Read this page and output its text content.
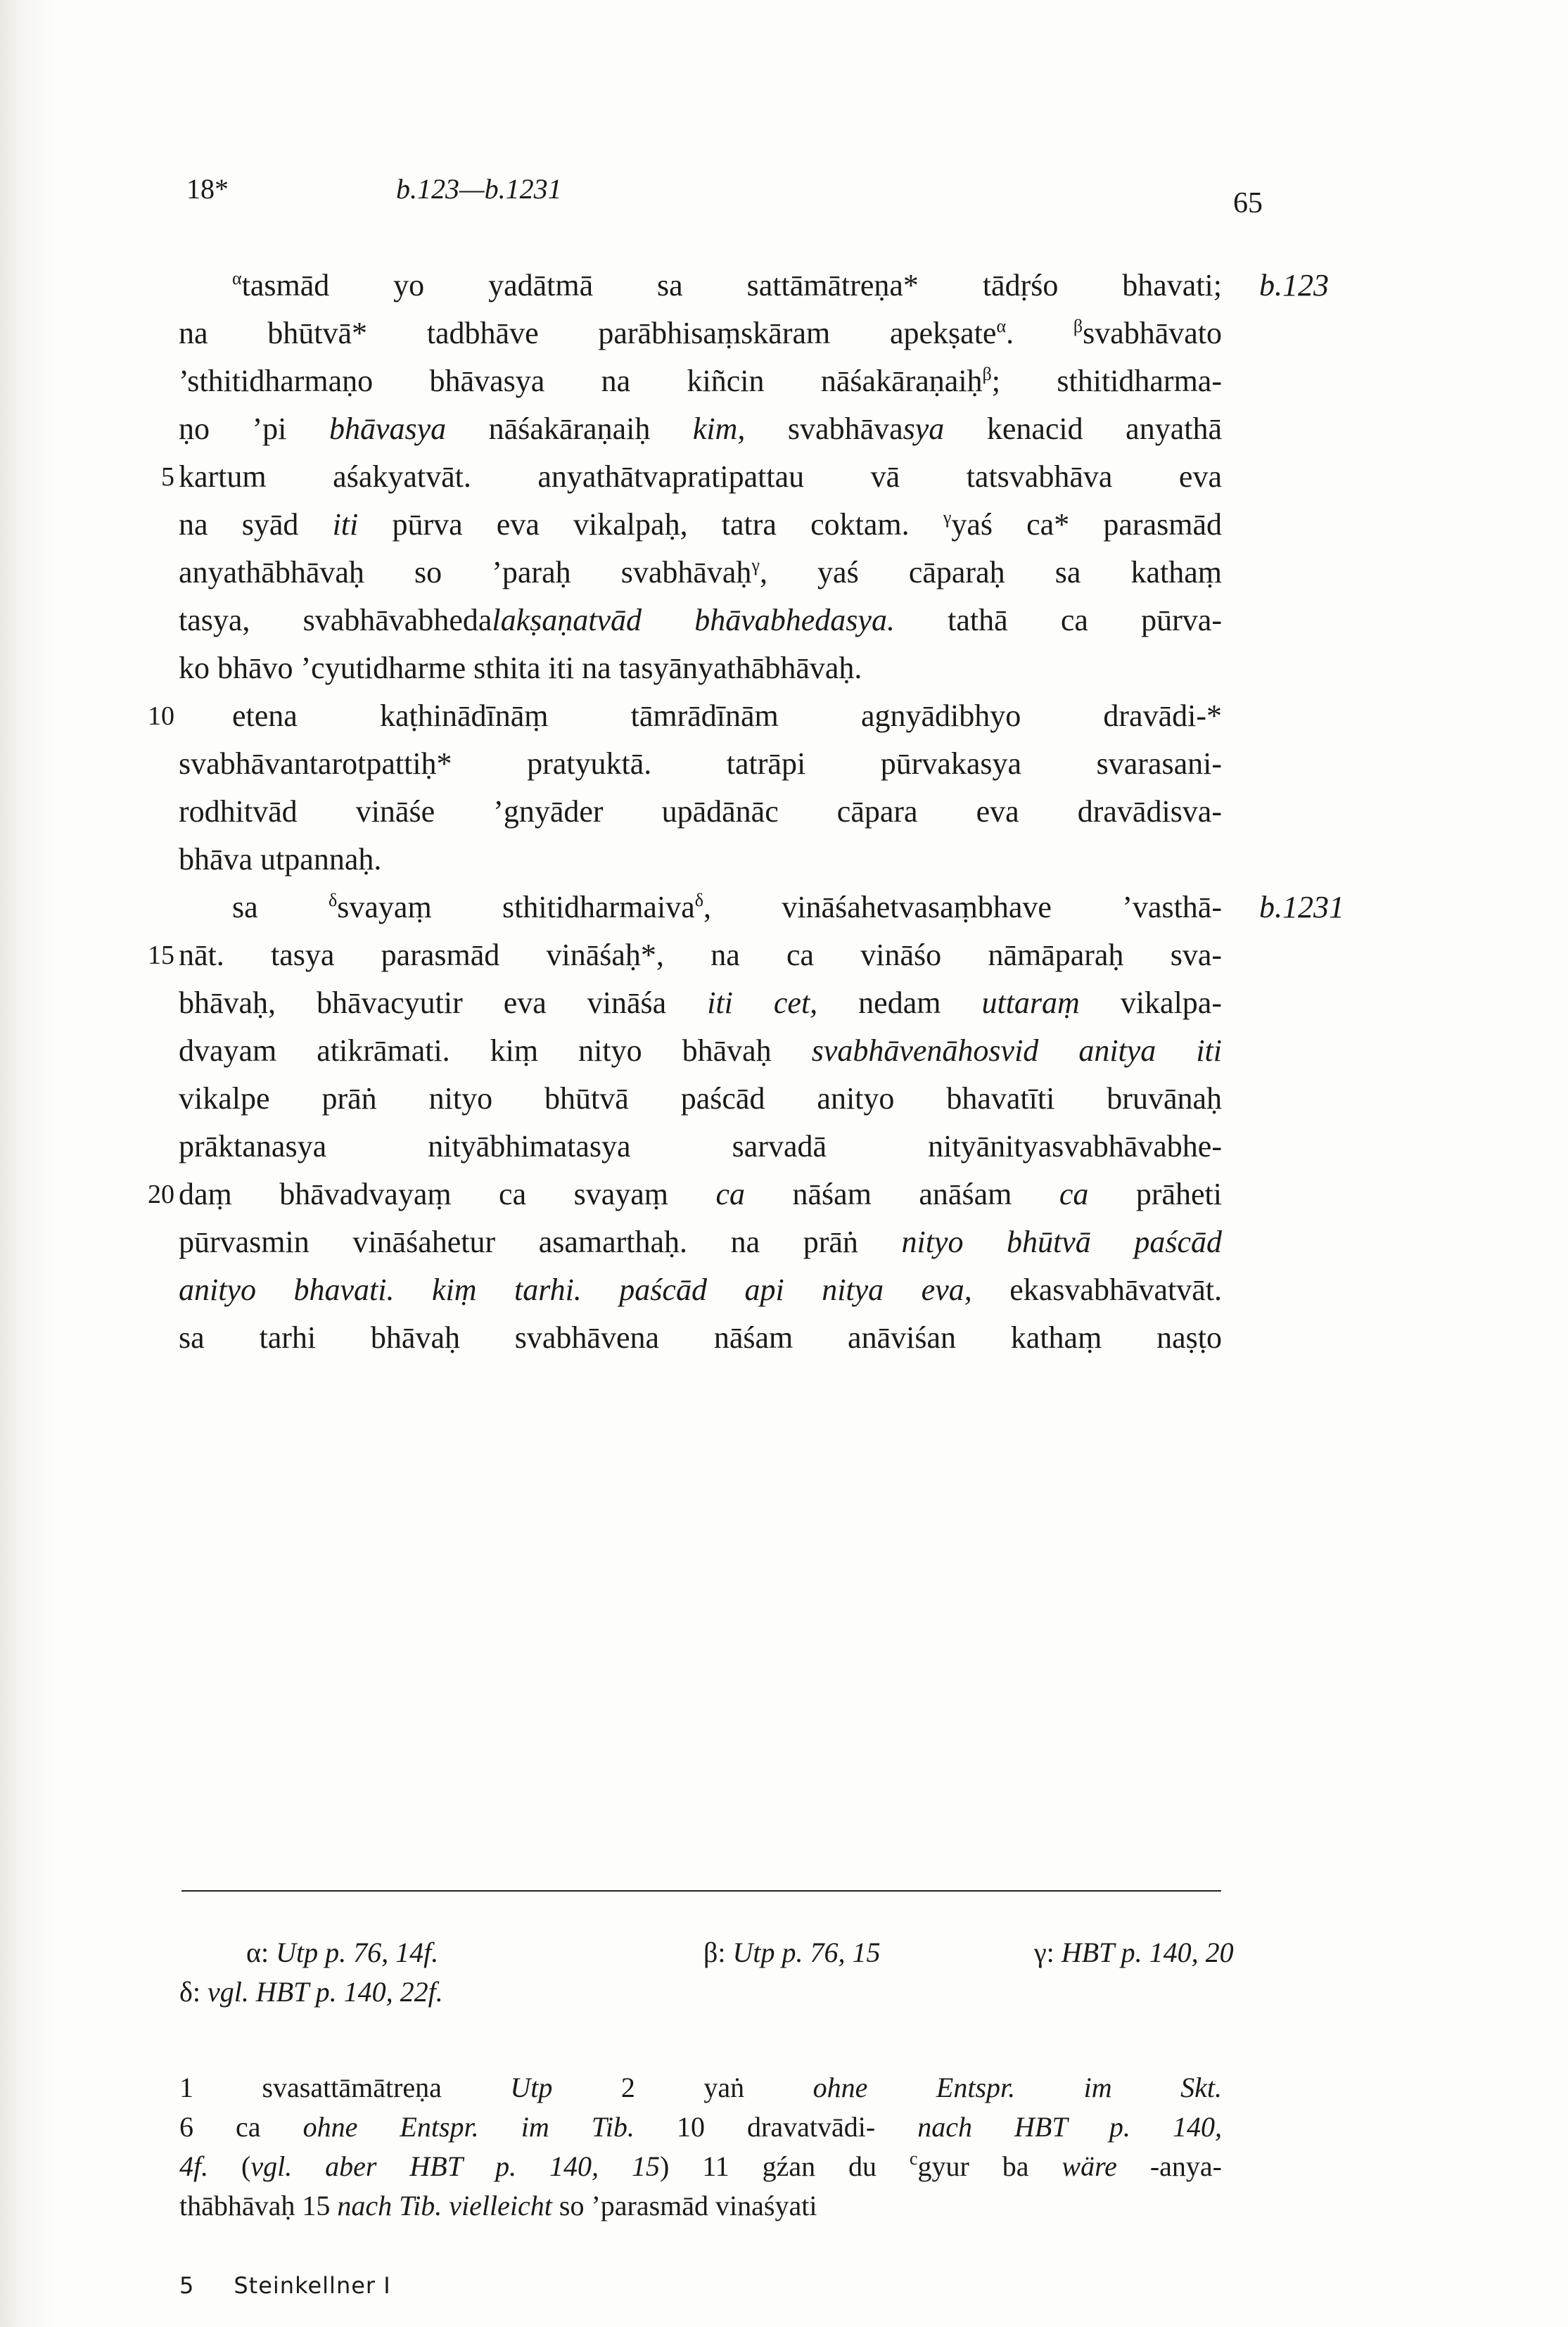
18*	b.123—b.1231	65
$^\alpha$tasmād yo yadātmā sa sattāmātreṇa* tādṛśo bhavati; b.123
na bhūtvā* tadbhāve parābhisaṃskāram apekṣate$^\alpha$. $^\beta$svabhāvato
’sthitidharmaṇo bhāvasya na kiñcin nāśakāraṇaiḥ$^\beta$; sthitidharma-
ṇo ’pi bhāvasya nāśakāraṇaiḥ kim, svabhāvasya kenacid anyathā
5 kartum aśakyatvāt. anyathātvapratipattau vā tatsvabhāva eva
na syād iti pūrva eva vikalpaḥ, tatra coktam. $^\gamma$yaś ca* parasmād
anyathābhāvaḥ so ’paraḥ svabhāvaḥ$^\gamma$, yaś cāparaḥ sa kathaṃ
tasya, svabhāvabhedalakṣaṇatvād bhāvabhedasya. tathā ca pūrva-
ko bhāvo ’cyutidharme sthita iti na tasyānyathābhāvaḥ.
10 etena kaṭhinādīnāṃ tāmrādīnām agnyādibhyo dravādi-*
svabhāvantarotpattiḥ* pratyuktā. tatrāpi pūrvakasya svarasani-
rodhitvād vināśe ’gnyāder upādānāc cāpara eva dravādisva-
bhāva utpannaḥ.
sa $^\delta$svayaṃ sthitidharmaiva$^\delta$, vināśahetvasaṃbhave ’vasthā- b.1231
15 nāt. tasya parasmād vināśaḥ*, na ca vināśo nāmāparaḥ sva-
bhāvaḥ, bhāvacyutir eva vināśa iti cet, nedam uttaraṃ vikalpa-
dvayam atikrāmati. kiṃ nityo bhāvaḥ svabhāvenāhosvid anitya iti
vikalpe prāṅ nityo bhūtvā paścād anityo bhavatīti bruvānaḥ
prāktanasya nityābhimatasya sarvadā nityānityasvabhāvabhe-
20 daṃ bhāvadvayaṃ ca svayaṃ ca nāśam anāśam ca prāheti
pūrvasmin vināśahetur asamarthaḥ. na prāṅ nityo bhūtvā paścād
anityo bhavati. kiṃ tarhi. paścād api nitya eva, ekasvabhāvatvāt.
sa tarhi bhāvaḥ svabhāvena nāśam anāviśan kathaṃ naṣṭo
α: Utp p. 76, 14f.	β: Utp p. 76, 15	γ: HBT p. 140, 20
δ: vgl. HBT p. 140, 22f.
1 svasattāmātreṇa Utp 2 yaṅ ohne Entspr. im Skt.
6 ca ohne Entspr. im Tib. 10 dravatvādi- nach HBT p. 140,
4f. (vgl. aber HBT p. 140, 15) 11 gźan du $^c$gyur ba wäre -anya-
thābhāvaḥ 15 nach Tib. vielleicht so ’parasmād vinaśyati
5 Steinkellner I
